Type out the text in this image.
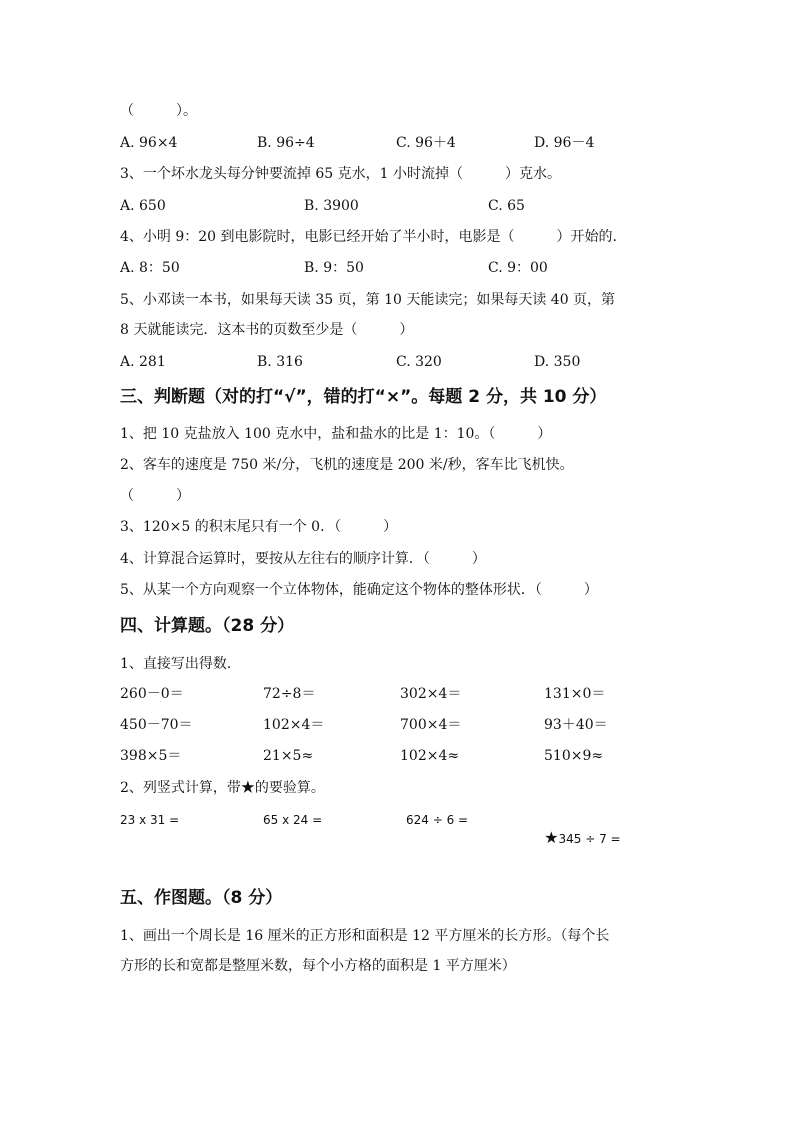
（　　　）。
A. 96×4	B. 96÷4	C. 96＋4	D. 96－4
3、一个坏水龙头每分钟要流掉 65 克水，1 小时流掉（　　　）克水。
A. 650	B. 3900	C. 65
4、小明 9：20 到电影院时，电影已经开始了半小时，电影是（　　　）开始的.
A. 8：50	B. 9：50	C. 9：00
5、小邓读一本书，如果每天读 35 页，第 10 天能读完；如果每天读 40 页，第
8 天就能读完．这本书的页数至少是（　　　）
A. 281	B. 316	C. 320	D. 350
三、判断题（对的打“√”，错的打“×”。每题 2 分，共 10 分）
1、把 10 克盐放入 100 克水中，盐和盐水的比是 1：10。（　　　）
2、客车的速度是 750 米/分，飞机的速度是 200 米/秒，客车比飞机快。
（　　　）
3、120×5 的积末尾只有一个 0．（　　　）
4、计算混合运算时，要按从左往右的顺序计算．（　　　）
5、从某一个方向观察一个立体物体，能确定这个物体的整体形状．（　　　）
四、计算题。（28 分）
1、直接写出得数.
260－0＝	72÷8＝	302×4＝	131×0＝
450－70＝	102×4＝	700×4＝	93＋40＝
398×5＝	21×5≈	102×4≈	510×9≈
2、列竖式计算，带★的要验算。
23 x 31 =	65 x 24 =	624 ÷ 6 =

★345 ÷ 7 =

五、作图题。（8 分）
1、画出一个周长是 16 厘米的正方形和面积是 12 平方厘米的长方形。（每个长
方形的长和宽都是整厘米数，每个小方格的面积是 1 平方厘米）
